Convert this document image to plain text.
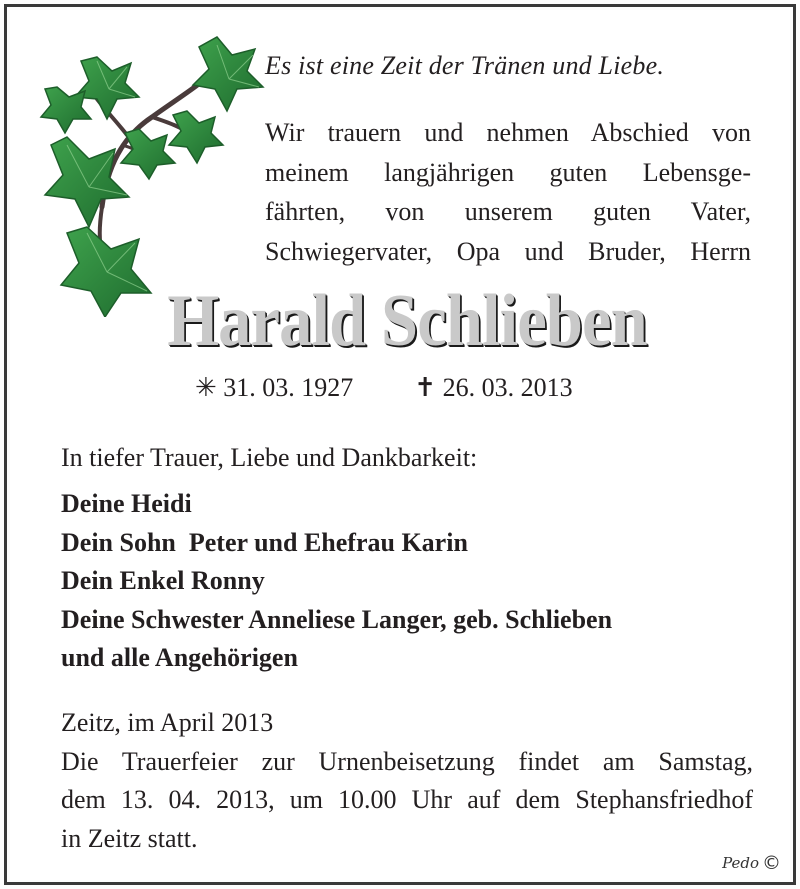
Es ist eine Zeit der Tränen und Liebe.
Wir trauern und nehmen Abschied von
meinem langjährigen guten Lebensge-
fährten, von unserem guten Vater,
Schwiegervater, Opa und Bruder, Herrn
Harald Schlieben
✳ 31. 03. 1927 ✝ 26. 03. 2013
In tiefer Trauer, Liebe und Dankbarkeit:
Deine Heidi
Dein Sohn  Peter und Ehefrau Karin
Dein Enkel Ronny
Deine Schwester Anneliese Langer, geb. Schlieben
und alle Angehörigen
Zeitz, im April 2013
Die Trauerfeier zur Urnenbeisetzung findet am Samstag,
dem 13. 04. 2013, um 10.00 Uhr auf dem Stephansfriedhof
in Zeitz statt.
Pedo ©
